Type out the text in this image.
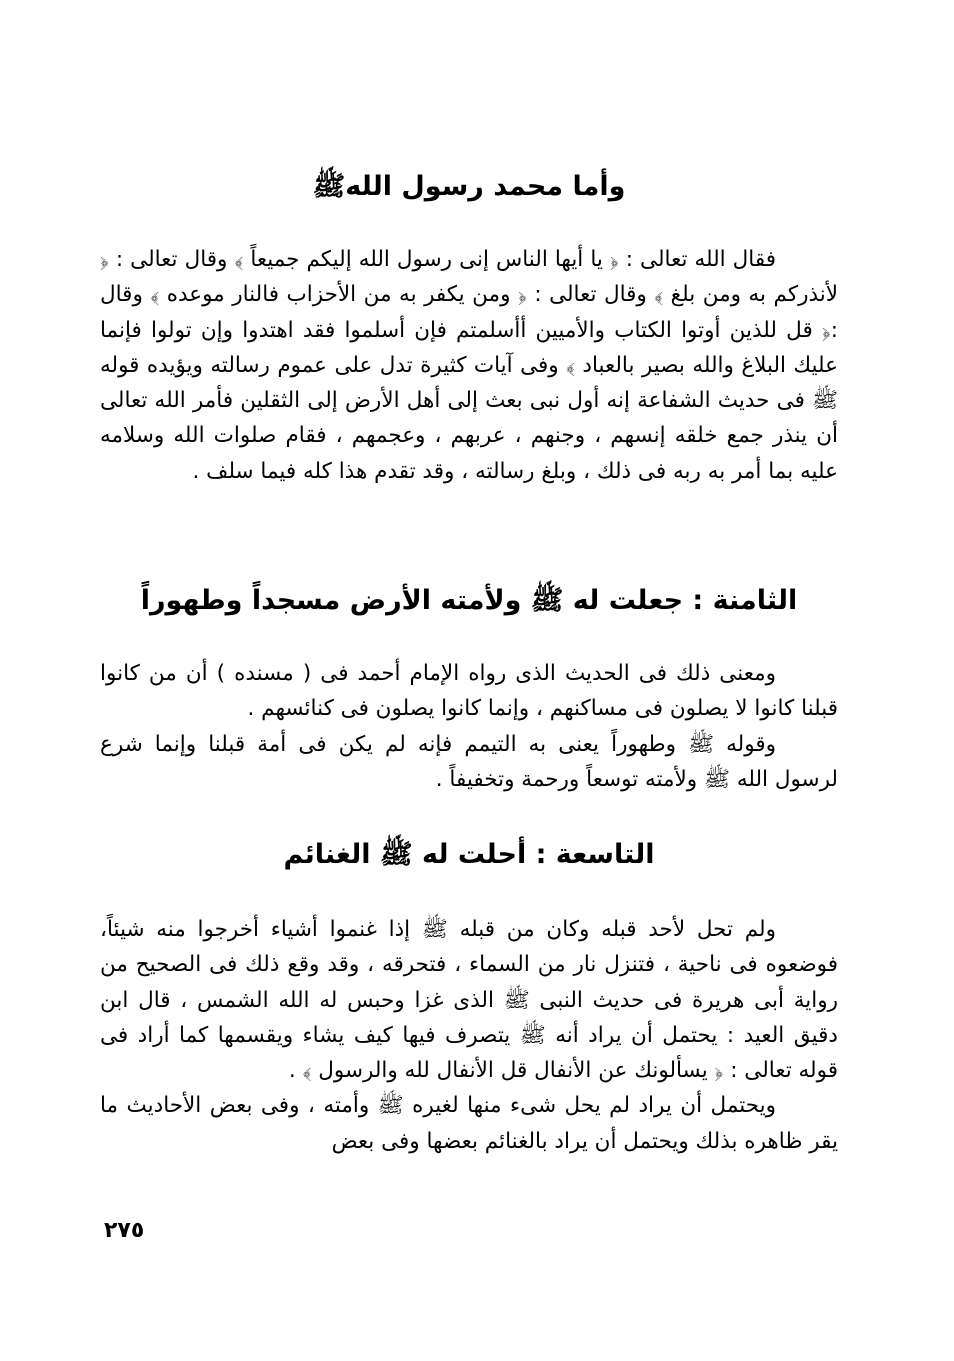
وأما محمد رسول اللهﷺ

فقال الله تعالى : ﴿ يا أيها الناس إنى رسول الله إليكم جميعاً ﴾ وقال تعالى : ﴿ لأنذركم به ومن بلغ ﴾ وقال تعالى : ﴿ ومن يكفر به من الأحزاب فالنار موعده ﴾ وقال :﴿ قل للذين أوتوا الكتاب والأميين أأسلمتم فإن أسلموا فقد اهتدوا وإن تولوا فإنما عليك البلاغ والله بصير بالعباد ﴾ وفى آيات كثيرة تدل على عموم رسالته ويؤيده قوله ﷺ فى حديث الشفاعة إنه أول نبى بعث إلى أهل الأرض إلى الثقلين فأمر الله تعالى أن ينذر جمع خلقه إنسهم ، وجنهم ، عربهم ، وعجمهم ، فقام صلوات الله وسلامه عليه بما أمر به ربه فى ذلك ، وبلغ رسالته ، وقد تقدم هذا كله فيما سلف .

الثامنة : جعلت له ﷺ ولأمته الأرض مسجداً وطهوراً

ومعنى ذلك فى الحديث الذى رواه الإمام أحمد فى ( مسنده ) أن من كانوا قبلنا كانوا لا يصلون فى مساكنهم ، وإنما كانوا يصلون فى كنائسهم .

وقوله ﷺ وطهوراً يعنى به التيمم فإنه لم يكن فى أمة قبلنا وإنما شرع لرسول الله ﷺ ولأمته توسعاً ورحمة وتخفيفاً .

التاسعة : أحلت له ﷺ الغنائم

ولم تحل لأحد قبله وكان من قبله ﷺ إذا غنموا أشياء أخرجوا منه شيئاً، فوضعوه فى ناحية ، فتنزل نار من السماء ، فتحرقه ، وقد وقع ذلك فى الصحيح من رواية أبى هريرة فى حديث النبى ﷺ الذى غزا وحبس له الله الشمس ، قال ابن دقيق العيد : يحتمل أن يراد أنه ﷺ يتصرف فيها كيف يشاء ويقسمها كما أراد فى قوله تعالى : ﴿ يسألونك عن الأنفال قل الأنفال لله والرسول ﴾ .

ويحتمل أن يراد لم يحل شىء منها لغيره ﷺ وأمته ، وفى بعض الأحاديث ما يقر ظاهره بذلك ويحتمل أن يراد بالغنائم بعضها وفى بعض

٢٧٥
